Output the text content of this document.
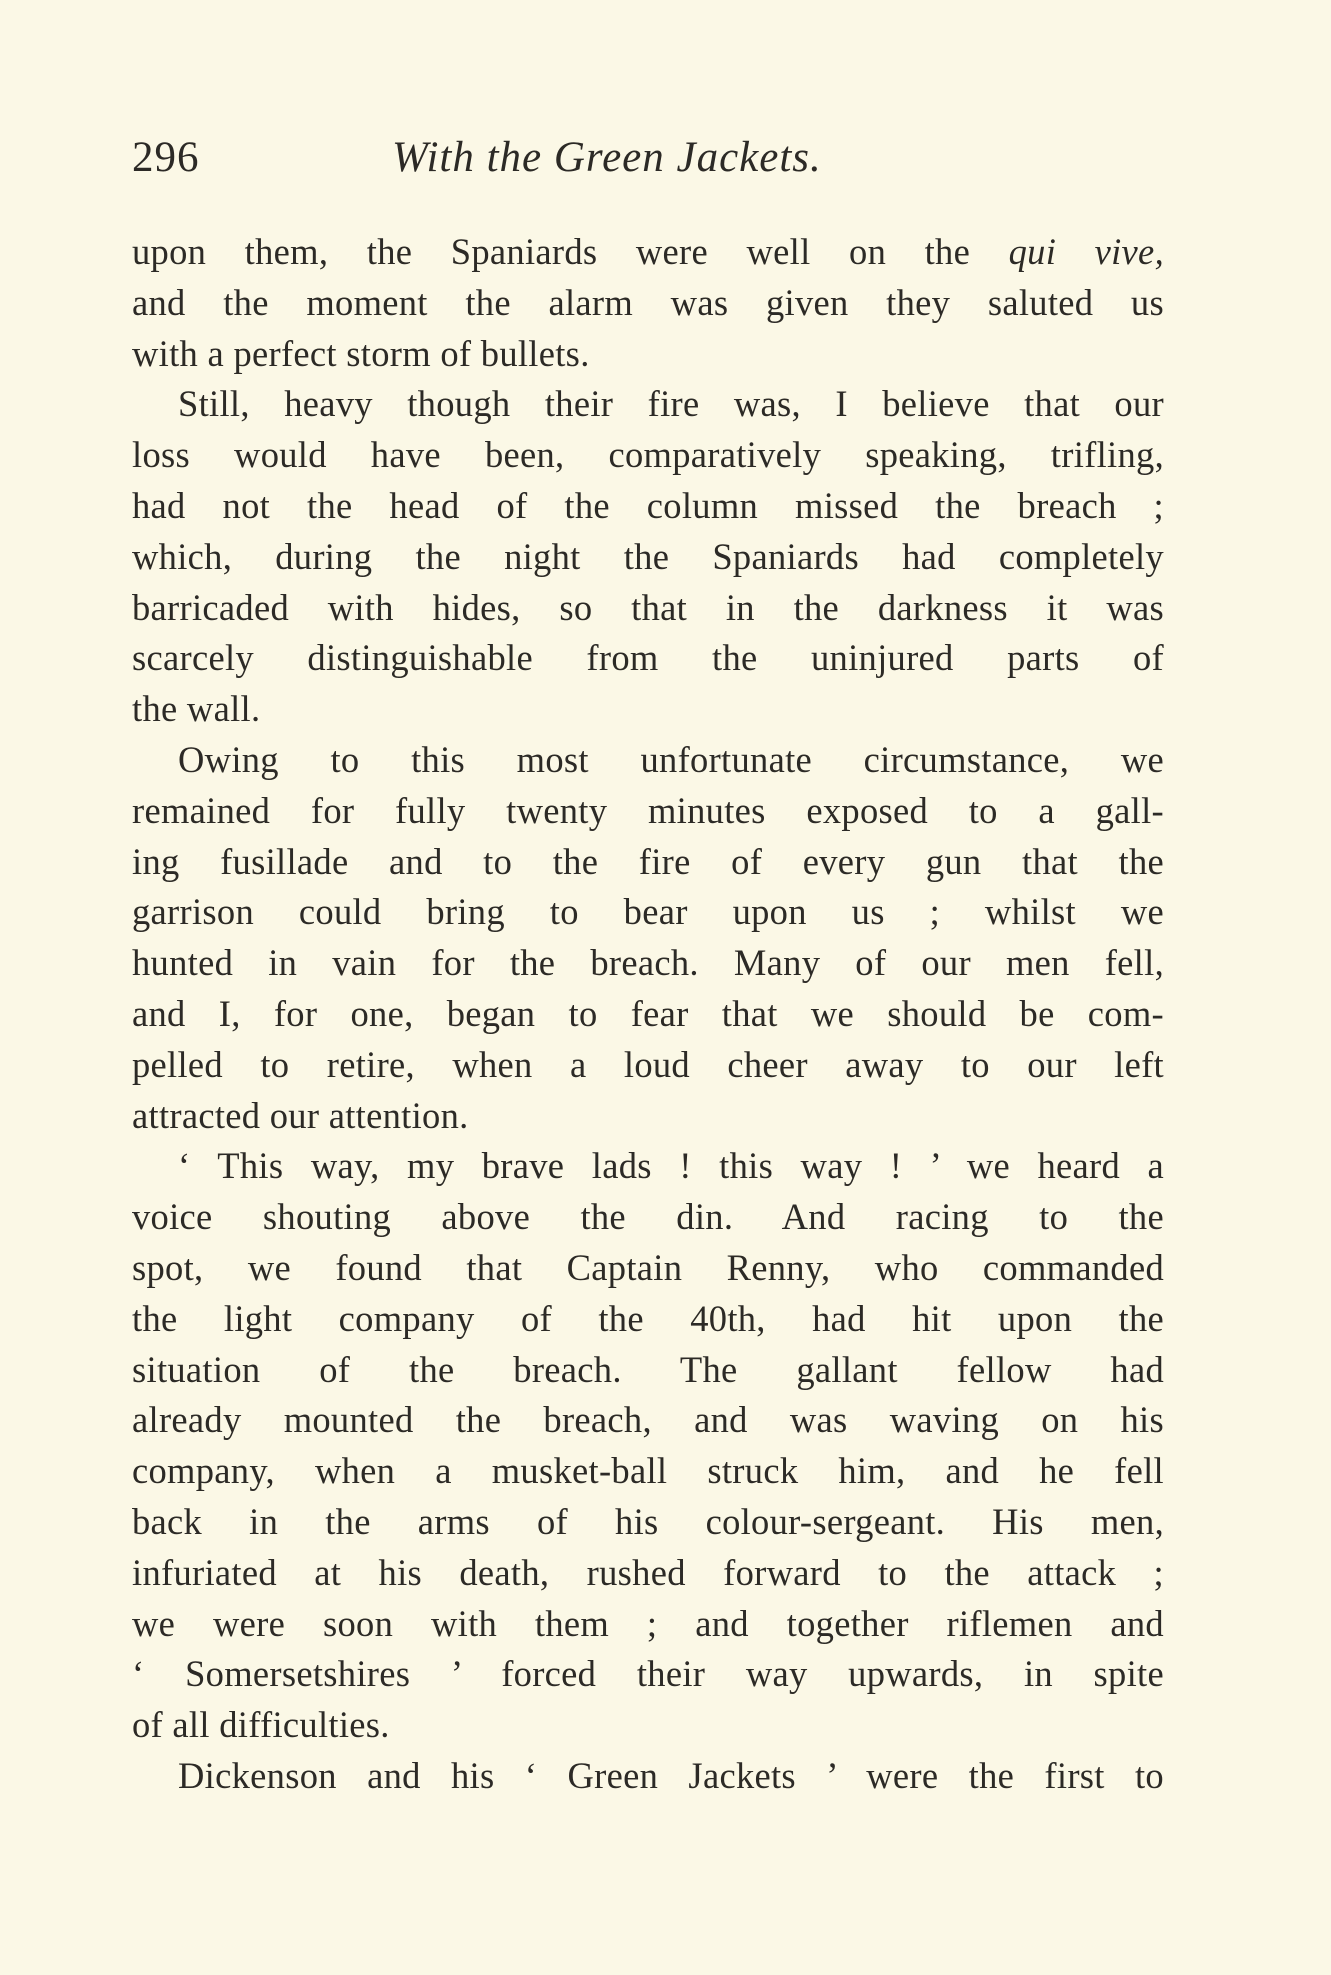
296	With the Green Jackets.
upon them, the Spaniards were well on the qui vive,
and the moment the alarm was given they saluted us
with a perfect storm of bullets.
Still, heavy though their fire was, I believe that our
loss would have been, comparatively speaking, trifling,
had not the head of the column missed the breach ;
which, during the night the Spaniards had completely
barricaded with hides, so that in the darkness it was
scarcely distinguishable from the uninjured parts of
the wall.
Owing to this most unfortunate circumstance, we
remained for fully twenty minutes exposed to a gall-
ing fusillade and to the fire of every gun that the
garrison could bring to bear upon us ; whilst we
hunted in vain for the breach. Many of our men fell,
and I, for one, began to fear that we should be com-
pelled to retire, when a loud cheer away to our left
attracted our attention.
‘ This way, my brave lads ! this way ! ’ we heard a
voice shouting above the din. And racing to the
spot, we found that Captain Renny, who commanded
the light company of the 40th, had hit upon the
situation of the breach. The gallant fellow had
already mounted the breach, and was waving on his
company, when a musket-ball struck him, and he fell
back in the arms of his colour-sergeant. His men,
infuriated at his death, rushed forward to the attack ;
we were soon with them ; and together riflemen and
‘ Somersetshires ’ forced their way upwards, in spite
of all difficulties.
Dickenson and his ‘ Green Jackets ’ were the first to
